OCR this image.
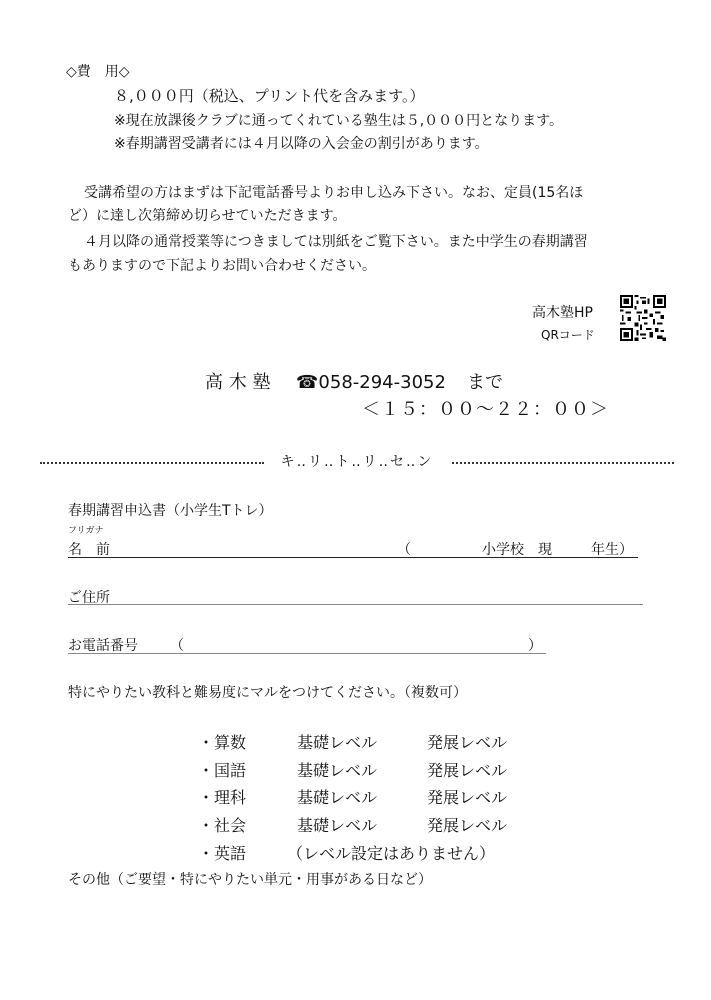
◇費　用◇
８,０００円（税込、プリント代を含みます。）
※現在放課後クラブに通ってくれている塾生は５,０００円となります。
※春期講習受講者には４月以降の入会金の割引があります。
受講希望の方はまずは下記電話番号よりお申し込み下さい。なお、定員(15名ほ
ど）に達し次第締め切らせていただきます。
４月以降の通常授業等につきましては別紙をご覧下さい。また中学生の春期講習
もありますので下記よりお問い合わせください。
高木塾HP
QRコード
高 木 塾 ☎058-294-3052 まで
＜１５：００～２２：００＞
キ‥リ‥ト‥リ‥セ‥ン
春期講習申込書（小学生Tトレ）
フリガナ
名　前	（	小学校　現	年生）
ご住所
お電話番号 （	）
特にやりたい教科と難易度にマルをつけてください。（複数可）
・算数	基礎レベル	発展レベル
・国語	基礎レベル	発展レベル
・理科	基礎レベル	発展レベル
・社会	基礎レベル	発展レベル
・英語	（レベル設定はありません）
その他（ご要望・特にやりたい単元・用事がある日など）
